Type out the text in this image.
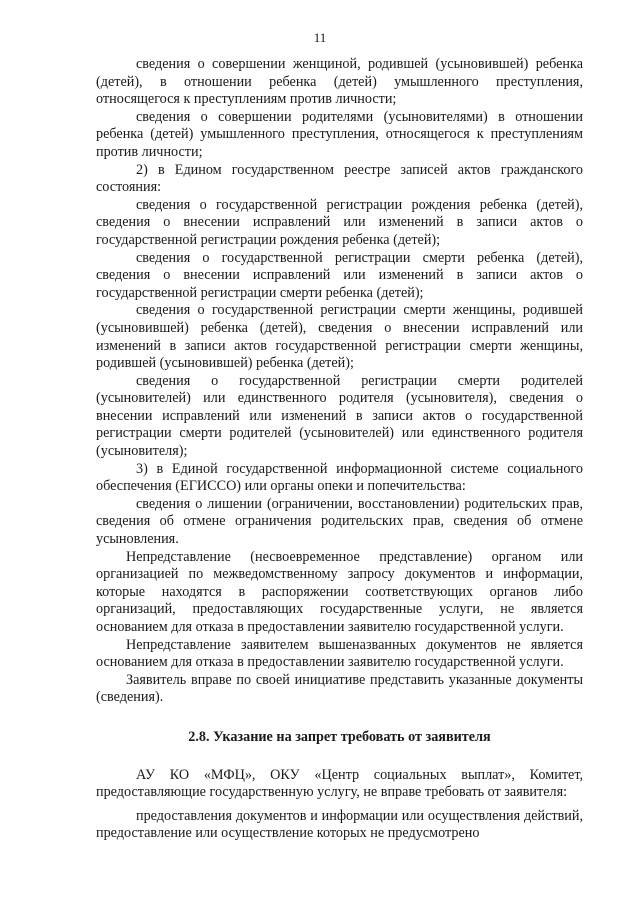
11

сведения о совершении женщиной, родившей (усыновившей) ребенка (детей), в отношении ребенка (детей) умышленного преступления, относящегося к преступлениям против личности;

сведения о совершении родителями (усыновителями) в отношении ребенка (детей) умышленного преступления, относящегося к преступлениям против личности;

2) в Едином государственном реестре записей актов гражданского состояния:

сведения о государственной регистрации рождения ребенка (детей), сведения о внесении исправлений или изменений в записи актов о государственной регистрации рождения ребенка (детей);

сведения о государственной регистрации смерти ребенка (детей), сведения о внесении исправлений или изменений в записи актов о государственной регистрации смерти ребенка (детей);

сведения о государственной регистрации смерти женщины, родившей (усыновившей) ребенка (детей), сведения о внесении исправлений или изменений в записи актов государственной регистрации смерти женщины, родившей (усыновившей) ребенка (детей);

сведения о государственной регистрации смерти родителей (усыновителей) или единственного родителя (усыновителя), сведения о внесении исправлений или изменений в записи актов о государственной регистрации смерти родителей (усыновителей) или единственного родителя (усыновителя);

3) в Единой государственной информационной системе социального обеспечения (ЕГИССО) или органы опеки и попечительства:

сведения о лишении (ограничении, восстановлении) родительских прав, сведения об отмене ограничения родительских прав, сведения об отмене усыновления.

Непредставление (несвоевременное представление) органом или организацией по межведомственному запросу документов и информации, которые находятся в распоряжении соответствующих органов либо организаций, предоставляющих государственные услуги, не является основанием для отказа в предоставлении заявителю государственной услуги.

Непредставление заявителем вышеназванных документов не является основанием для отказа в предоставлении заявителю государственной услуги.

Заявитель вправе по своей инициативе представить указанные документы (сведения).

2.8. Указание на запрет требовать от заявителя

АУ КО «МФЦ», ОКУ «Центр социальных выплат», Комитет, предоставляющие государственную услугу, не вправе требовать от заявителя:

предоставления документов и информации или осуществления действий, предоставление или осуществление которых не предусмотрено
